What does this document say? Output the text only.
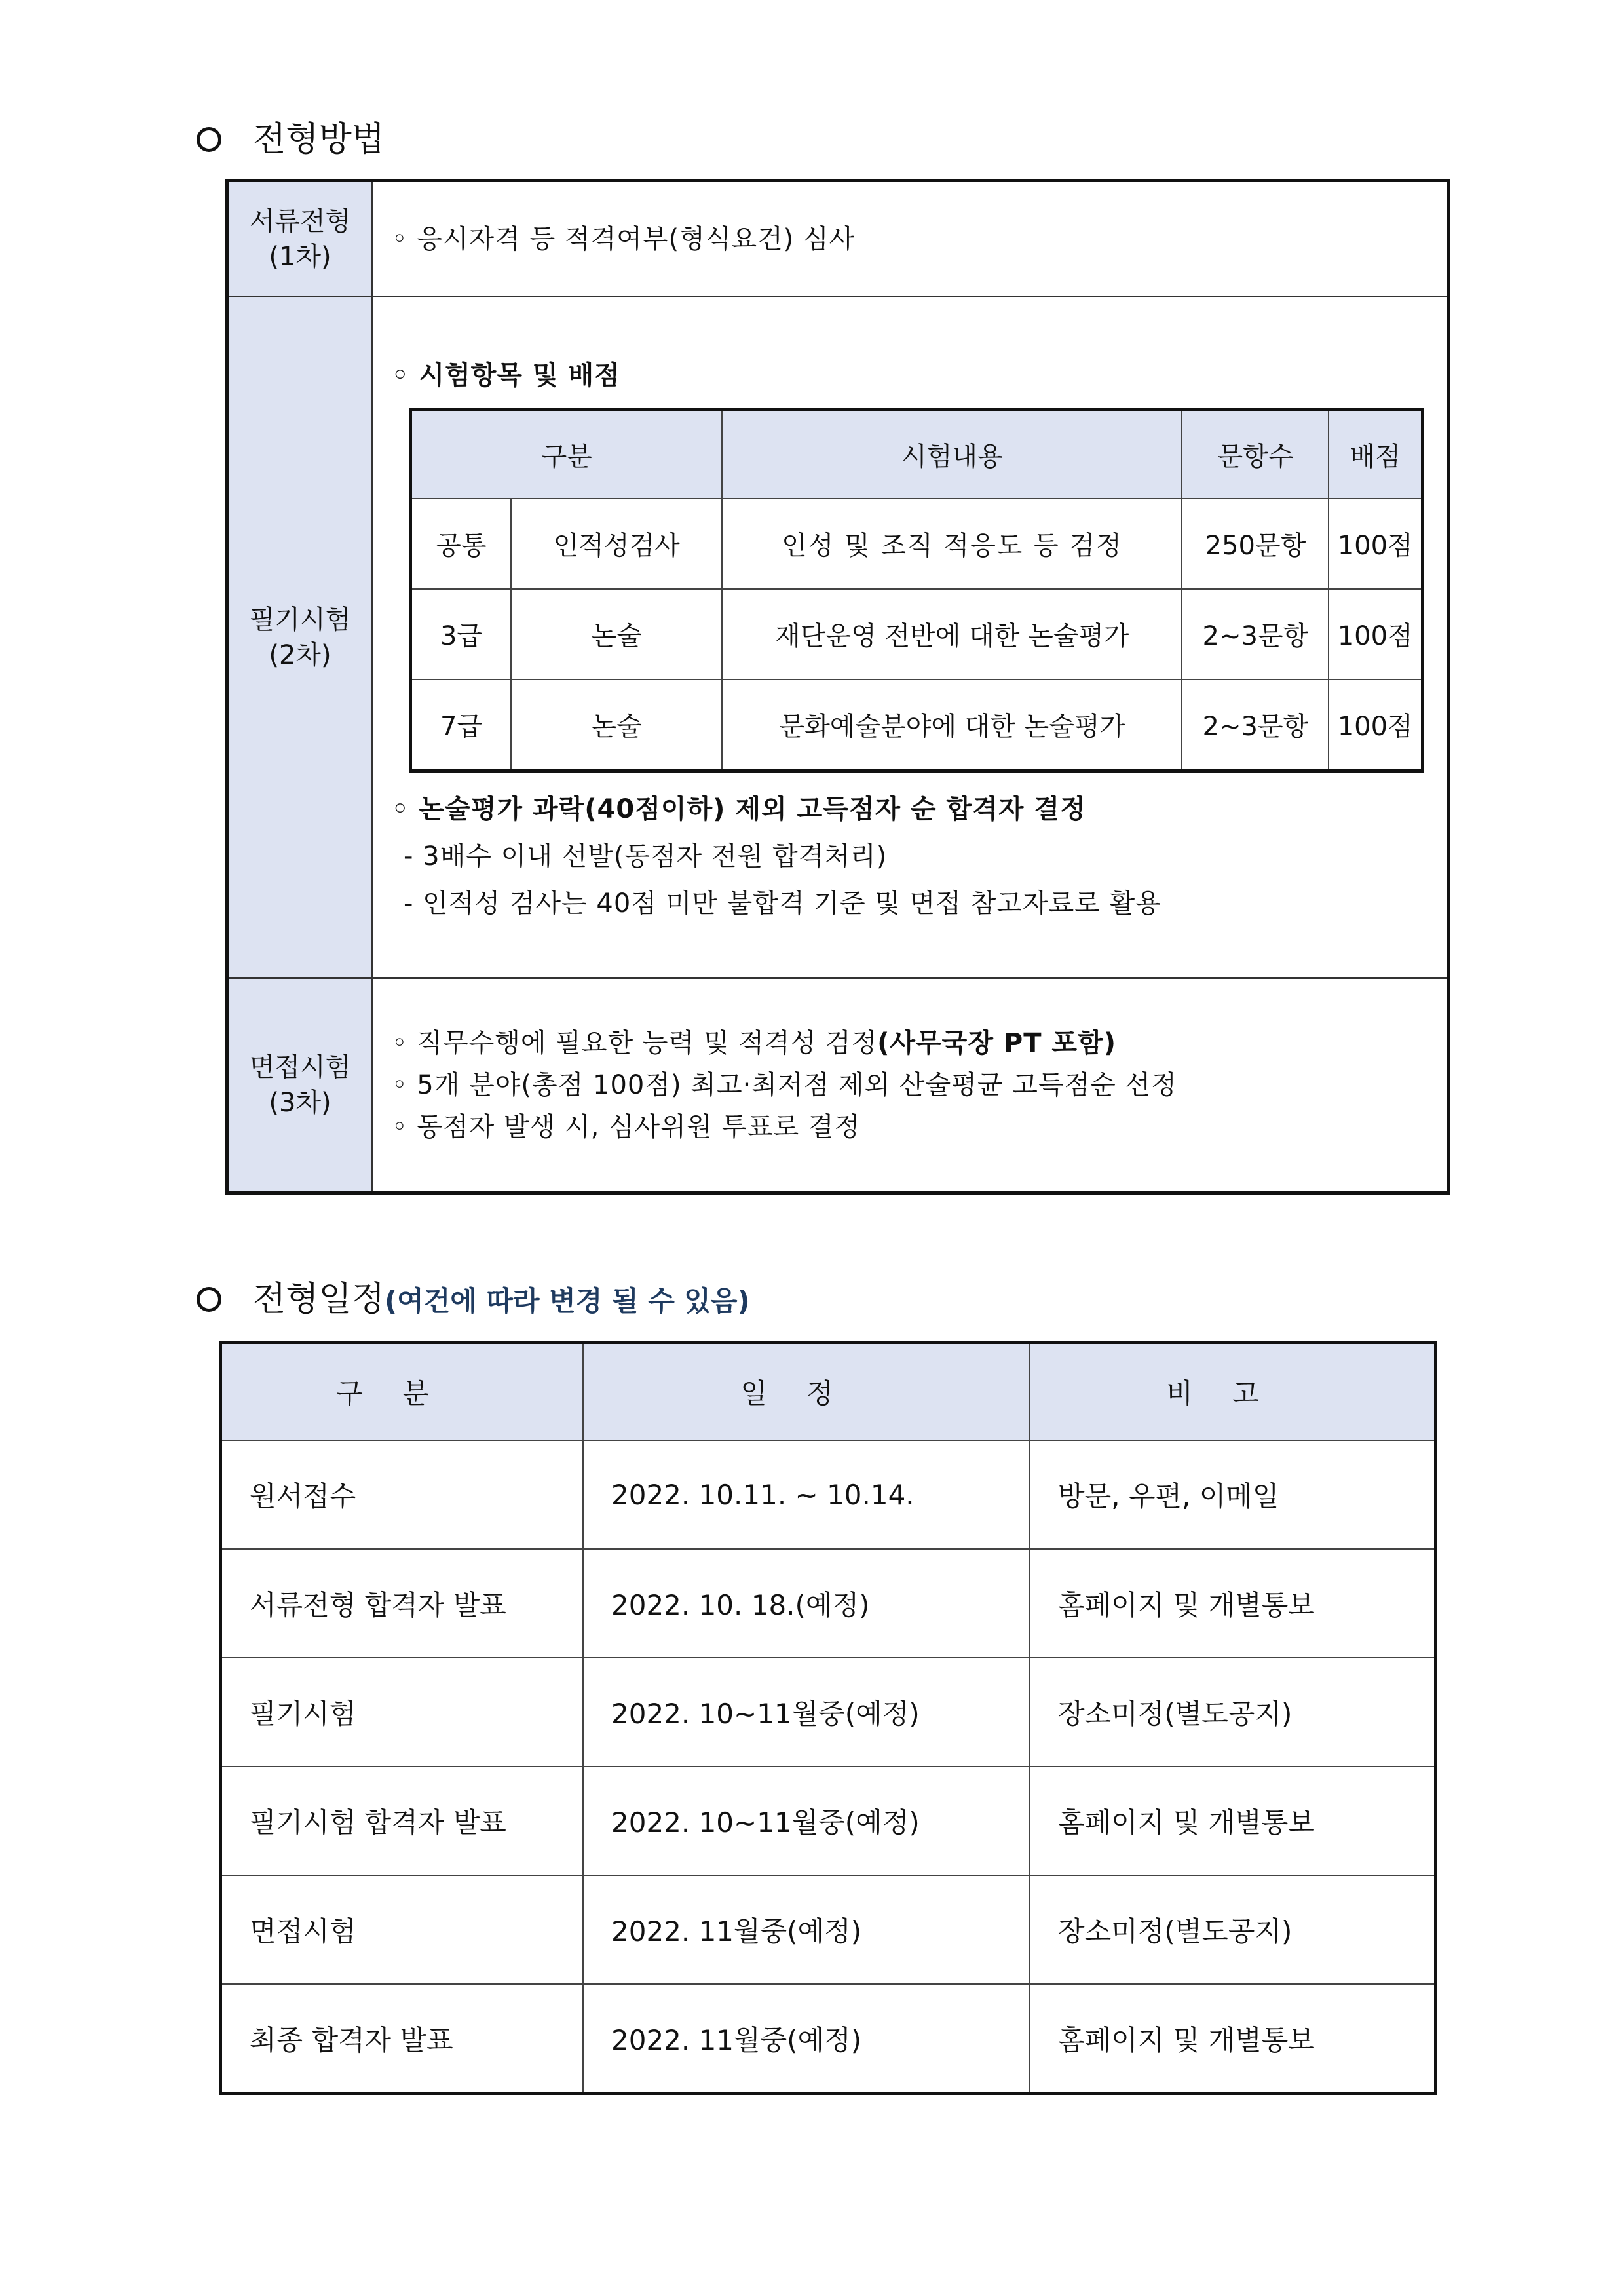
전형방법
서류전형
(1차)	
◦ 응시자격 등 적격여부(형식요건) 심사

필기시험
(2차)	
◦ 시험항목 및 배점
구분	시험내용	문항수	배점
공통	인적성검사	인성 및 조직 적응도 등 검정	250문항	100점
3급	논술	재단운영 전반에 대한 논술평가	2~3문항	100점
7급	논술	문화예술분야에 대한 논술평가	2~3문항	100점
◦ 논술평가 과락(40점이하) 제외 고득점자 순 합격자 결정
- 3배수 이내 선발(동점자 전원 합격처리)
- 인적성 검사는 40점 미만 불합격 기준 및 면접 참고자료로 활용

면접시험
(3차)	
◦ 직무수행에 필요한 능력 및 적격성 검정(사무국장 PT 포함)
◦ 5개 분야(총점 100점) 최고·최저점 제외 산술평균 고득점순 선정
◦ 동점자 발생 시, 심사위원 투표로 결정
전형일정 (여건에 따라 변경 될 수 있음)
구분	일정	비고
원서접수	2022. 10.11. ~ 10.14.	방문, 우편, 이메일
서류전형 합격자 발표	2022. 10. 18.(예정)	홈페이지 및 개별통보
필기시험	2022. 10~11월중(예정)	장소미정(별도공지)
필기시험 합격자 발표	2022. 10~11월중(예정)	홈페이지 및 개별통보
면접시험	2022. 11월중(예정)	장소미정(별도공지)
최종 합격자 발표	2022. 11월중(예정)	홈페이지 및 개별통보
